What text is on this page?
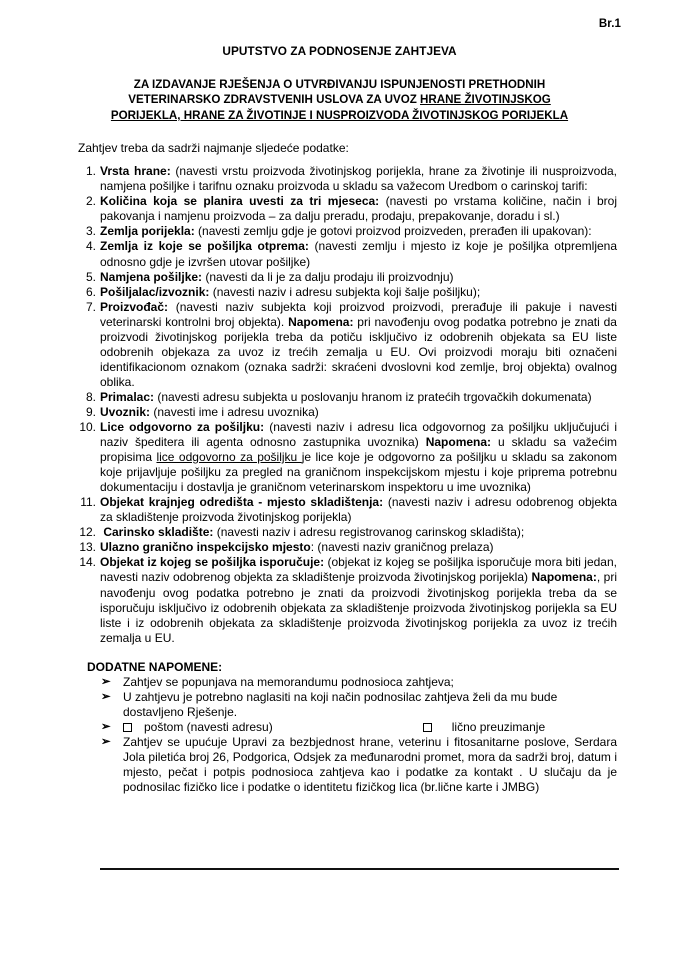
Br.1
UPUTSTVO ZA PODNOSENJE ZAHTJEVA
ZA IZDAVANJE RJEŠENJA O UTVRĐIVANJU ISPUNJENOSTI PRETHODNIH
VETERINARSKO ZDRAVSTVENIH USLOVA ZA UVOZ HRANE ŽIVOTINJSKOG
PORIJEKLA, HRANE ZA ŽIVOTINJE I NUSPROIZVODA ŽIVOTINJSKOG PORIJEKLA
Zahtjev treba da sadrži najmanje sljedeće podatke:
1. Vrsta hrane: (navesti vrstu proizvoda životinjskog porijekla, hrane za životinje ili nusproizvoda, namjena pošiljke i tarifnu oznaku proizvoda u skladu sa važecom Uredbom o carinskoj tarifi:
2. Količina koja se planira uvesti za tri mjeseca: (navesti po vrstama količine, način i broj pakovanja i namjenu proizvoda – za dalju preradu, prodaju, prepakovanje, doradu i sl.)
3. Zemlja porijekla: (navesti zemlju gdje je gotovi proizvod proizveden, prerađen ili upakovan):
4. Zemlja iz koje se pošiljka otprema: (navesti zemlju i mjesto iz koje je pošiljka otpremljena odnosno gdje je izvršen utovar pošiljke)
5. Namjena pošiljke: (navesti da li je za dalju prodaju ili proizvodnju)
6. Pošiljalac/izvoznik: (navesti naziv i adresu subjekta koji šalje pošiljku);
7. Proizvođač: (navesti naziv subjekta koji proizvod proizvodi, prerađuje ili pakuje i navesti veterinarski kontrolni broj objekta). Napomena: pri navođenju ovog podatka potrebno je znati da proizvodi životinjskog porijekla treba da potiču isključivo iz odobrenih objekata sa EU liste odobrenih objekaza za uvoz iz trećih zemalja u EU. Ovi proizvodi moraju biti označeni identifikacionom oznakom (oznaka sadrži: skraćeni dvoslovni kod zemlje, broj objekta) ovalnog oblika.
8. Primalac: (navesti adresu subjekta u poslovanju hranom iz pratećih trgovačkih dokumenata)
9. Uvoznik: (navesti ime i adresu uvoznika)
10. Lice odgovorno za pošiljku: (navesti naziv i adresu lica odgovornog za pošiljku uključujući i naziv špeditera ili agenta odnosno zastupnika uvoznika) Napomena: u skladu sa važećim propisima lice odgovorno za pošiljku je lice koje je odgovorno za pošiljku u skladu sa zakonom koje prijavljuje pošiljku za pregled na graničnom inspekcijskom mjestu i koje priprema potrebnu dokumentaciju i dostavlja je graničnom veterinarskom inspektoru u ime uvoznika)
11. Objekat krajnjeg odredišta - mjesto skladištenja: (navesti naziv i adresu odobrenog objekta za skladištenje proizvoda životinjskog porijekla)
12. Carinsko skladište: (navesti naziv i adresu registrovanog carinskog skladišta);
13. Ulazno granično inspekcijsko mjesto: (navesti naziv graničnog prelaza)
14. Objekat iz kojeg se pošiljka isporučuje: (objekat iz kojeg se pošiljka isporučuje mora biti jedan, navesti naziv odobrenog objekta za skladištenje proizvoda životinjskog porijekla) Napomena:, pri navođenju ovog podatka potrebno je znati da proizvodi životinjskog porijekla treba da se isporučuju isključivo iz odobrenih objekata za skladištenje proizvoda životinjskog porijekla sa EU liste i iz odobrenih objekata za skladištenje proizvoda životinjskog porijekla za uvoz iz trećih zemalja u EU.
DODATNE NAPOMENE:
➢ Zahtjev se popunjava na memorandumu podnosioca zahtjeva;
➢ U zahtjevu je potrebno naglasiti na koji način podnosilac zahtjeva želi da mu bude dostavljeno Rješenje.
➢	poštom (navesti adresu)	lično preuzimanje
➢ Zahtjev se upućuje Upravi za bezbjednost hrane, veterinu i fitosanitarne poslove, Serdara Jola piletića broj 26, Podgorica, Odsjek za međunarodni promet, mora da sadrži broj, datum i mjesto, pečat i potpis podnosioca zahtjeva kao i podatke za kontakt . U slučaju da je podnosilac fizičko lice i podatke o identitetu fizičkog lica (br.lične karte i JMBG)
